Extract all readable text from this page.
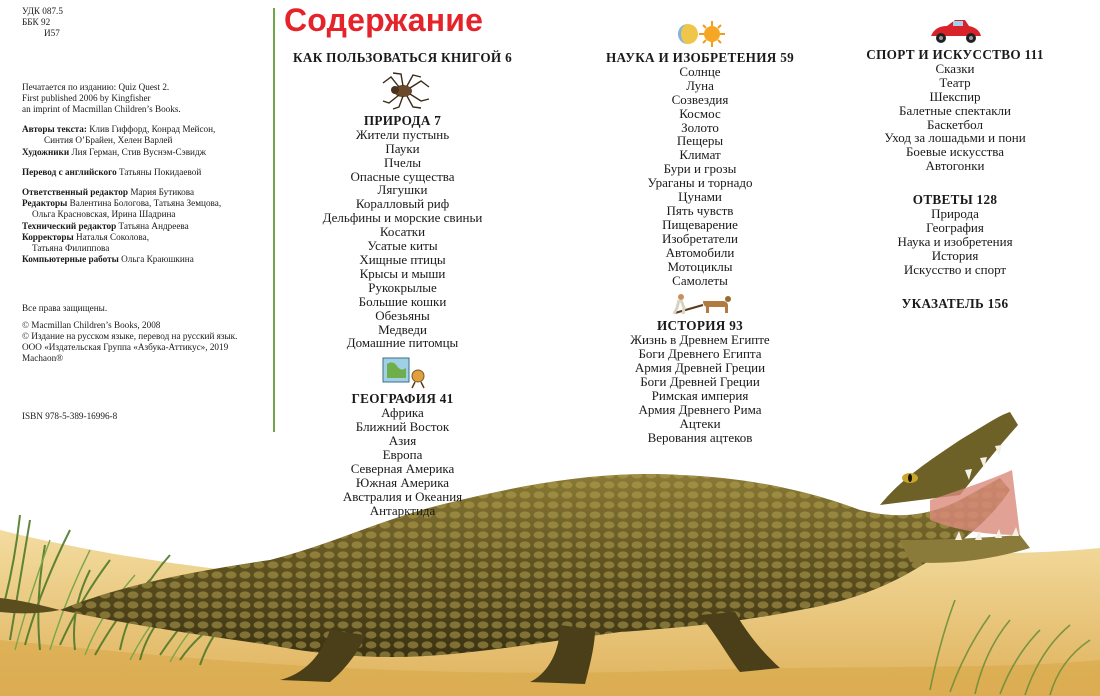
УДК 087.5

ББК 92

И57

Печатается по изданию: Quiz Quest 2.

First published 2006 by Kingfisher

an imprint of Macmillan Children’s Books.

Авторы текста: Клив Гиффорд, Конрад Мейсон,

Синтия О’Брайен, Хелен Варлей

Художники Лия Герман, Стив Вуснэм-Сэвидж

Перевод с английского Татьяны Покидаевой

Ответственный редактор Мария Бутикова

Редакторы Валентина Бологова, Татьяна Земцова,

Ольга Красновская, Ирина Шадрина

Технический редактор Татьяна Андреева

Корректоры Наталья Соколова,

Татьяна Филиппова

Компьютерные работы Ольга Краюшкина

Все права защищены.

© Macmillan Children’s Books, 2008

© Издание на русском языке, перевод на русский язык.

ООО «Издательская Группа «Азбука-Аттикус», 2019

Machaon®

ISBN 978-5-389-16996-8

Содержание
КАК ПОЛЬЗОВАТЬСЯ КНИГОЙ 6
ПРИРОДА 7
Жители пустынь
Пауки
Пчелы
Опасные существа
Лягушки
Коралловый риф
Дельфины и морские свиньи
Косатки
Усатые киты
Хищные птицы
Крысы и мыши
Рукокрылые
Большие кошки
Обезьяны
Медведи
Домашние питомцы
ГЕОГРАФИЯ 41
Африка
Ближний Восток
Азия
Европа
Северная Америка
Южная Америка
Австралия и Океания
Антарктида
НАУКА И ИЗОБРЕТЕНИЯ 59
Солнце
Луна
Созвездия
Космос
Золото
Пещеры
Климат
Бури и грозы
Ураганы и торнадо
Цунами
Пять чувств
Пищеварение
Изобретатели
Автомобили
Мотоциклы
Самолеты
ИСТОРИЯ 93
Жизнь в Древнем Египте
Боги Древнего Египта
Армия Древней Греции
Боги Древней Греции
Римская империя
Армия Древнего Рима
Ацтеки
Верования ацтеков
СПОРТ И ИСКУССТВО 111
Сказки
Театр
Шекспир
Балетные спектакли
Баскетбол
Уход за лошадьми и пони
Боевые искусства
Автогонки
ОТВЕТЫ 128
Природа
География
Наука и изобретения
История
Искусство и спорт
УКАЗАТЕЛЬ 156
